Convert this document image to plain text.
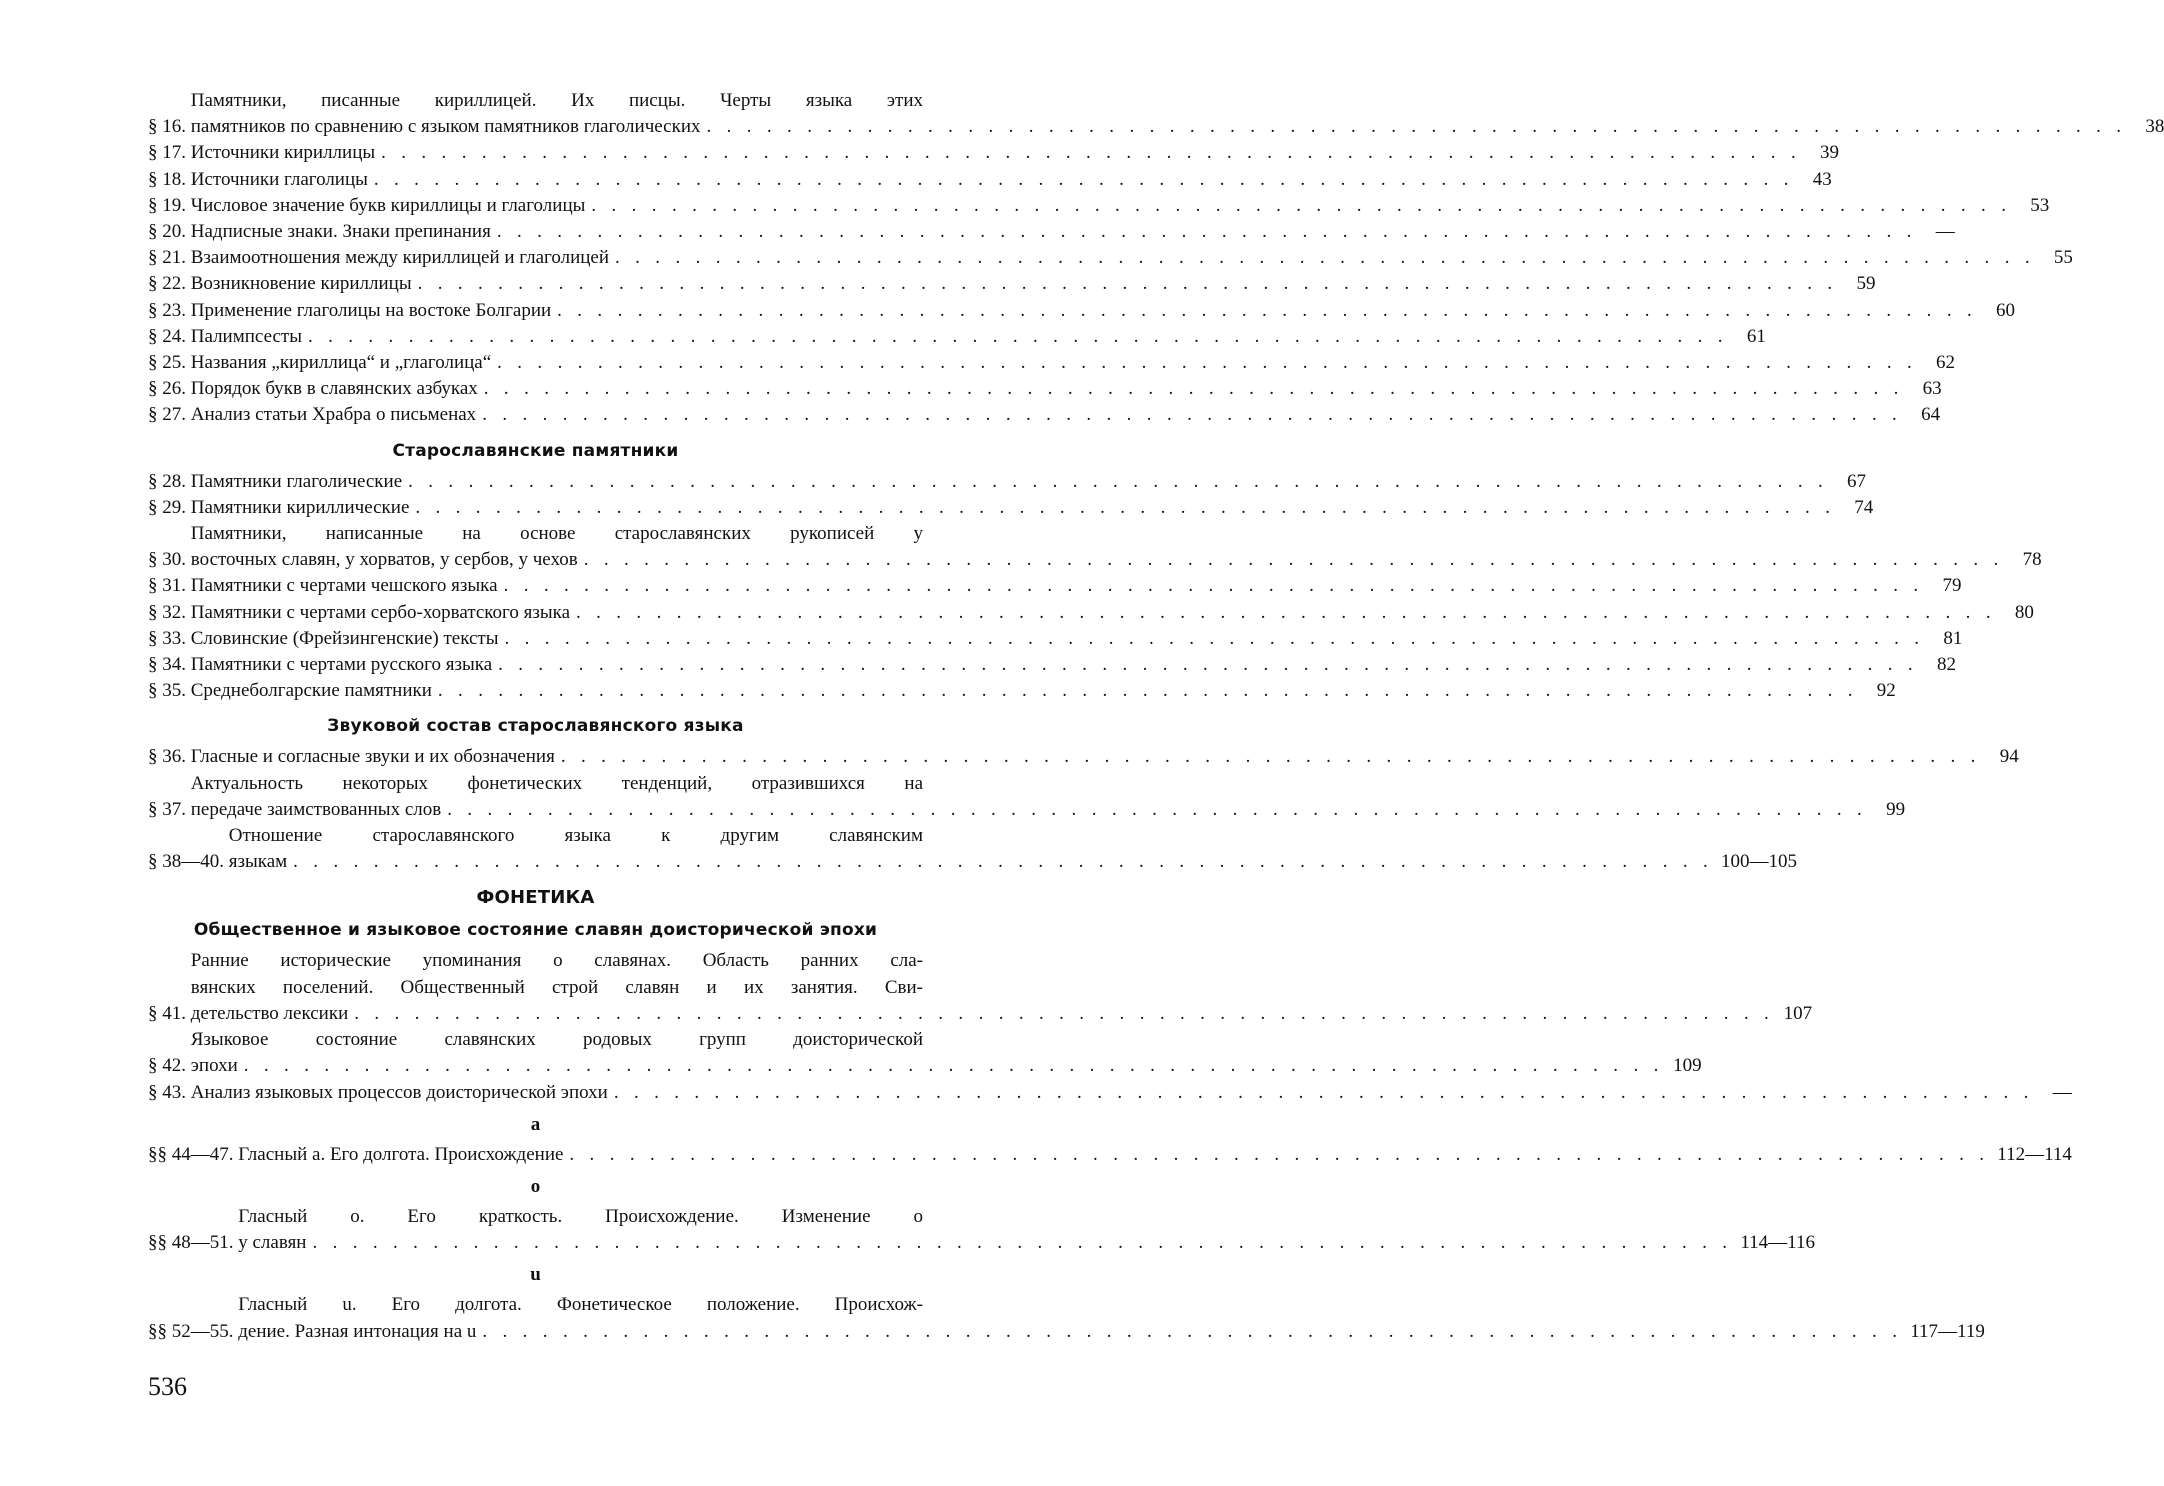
§ 16.
Памятники, писанные кириллицей. Их писцы. Черты языка этих
памятников по сравнению с языком памятников глаголических . . . . . . . . . . . . . . . . . . . . . . . . . . . . . . . . . . . . . . . . . . . . . . . . . . . . . . . . . . . . . . . . . . . . . . .	38
§ 17. Источники кириллицы . . . . . . . . . . . . . . . . . . . . . . . . . . . . . . . . . . . . . . . . . . . . . . . . . . . . . . . . . . . . . . . . . . . . . . .	39
§ 18. Источники глаголицы . . . . . . . . . . . . . . . . . . . . . . . . . . . . . . . . . . . . . . . . . . . . . . . . . . . . . . . . . . . . . . . . . . . . . . .	43
§ 19. Числовое значение букв кириллицы и глаголицы . . . . . . . . . . . . . . . . . . . . . . . . . . . . . . . . . . . . . . . . . . . . . . . . . . . . . . . . . . . . . . . . . . . . . . .	53
§ 20. Надписные знаки. Знаки препинания . . . . . . . . . . . . . . . . . . . . . . . . . . . . . . . . . . . . . . . . . . . . . . . . . . . . . . . . . . . . . . . . . . . . . . .	—
§ 21. Взаимоотношения между кириллицей и глаголицей . . . . . . . . . . . . . . . . . . . . . . . . . . . . . . . . . . . . . . . . . . . . . . . . . . . . . . . . . . . . . . . . . . . . . . .	55
§ 22. Возникновение кириллицы . . . . . . . . . . . . . . . . . . . . . . . . . . . . . . . . . . . . . . . . . . . . . . . . . . . . . . . . . . . . . . . . . . . . . . .	59
§ 23. Применение глаголицы на востоке Болгарии . . . . . . . . . . . . . . . . . . . . . . . . . . . . . . . . . . . . . . . . . . . . . . . . . . . . . . . . . . . . . . . . . . . . . . .	60
§ 24. Палимпсесты . . . . . . . . . . . . . . . . . . . . . . . . . . . . . . . . . . . . . . . . . . . . . . . . . . . . . . . . . . . . . . . . . . . . . . .	61
§ 25. Названия „кириллица“ и „глаголица“ . . . . . . . . . . . . . . . . . . . . . . . . . . . . . . . . . . . . . . . . . . . . . . . . . . . . . . . . . . . . . . . . . . . . . . .	62
§ 26. Порядок букв в славянских азбуках . . . . . . . . . . . . . . . . . . . . . . . . . . . . . . . . . . . . . . . . . . . . . . . . . . . . . . . . . . . . . . . . . . . . . . .	63
§ 27. Анализ статьи Храбра о письменах . . . . . . . . . . . . . . . . . . . . . . . . . . . . . . . . . . . . . . . . . . . . . . . . . . . . . . . . . . . . . . . . . . . . . . .	64
Старославянские памятники
§ 28. Памятники глаголические . . . . . . . . . . . . . . . . . . . . . . . . . . . . . . . . . . . . . . . . . . . . . . . . . . . . . . . . . . . . . . . . . . . . . . .	67
§ 29. Памятники кириллические . . . . . . . . . . . . . . . . . . . . . . . . . . . . . . . . . . . . . . . . . . . . . . . . . . . . . . . . . . . . . . . . . . . . . . .	74
§ 30.
Памятники, написанные на основе старославянских рукописей у
восточных славян, у хорватов, у сербов, у чехов . . . . . . . . . . . . . . . . . . . . . . . . . . . . . . . . . . . . . . . . . . . . . . . . . . . . . . . . . . . . . . . . . . . . . . .	78
§ 31. Памятники с чертами чешского языка . . . . . . . . . . . . . . . . . . . . . . . . . . . . . . . . . . . . . . . . . . . . . . . . . . . . . . . . . . . . . . . . . . . . . . .	79
§ 32. Памятники с чертами сербо-хорватского языка . . . . . . . . . . . . . . . . . . . . . . . . . . . . . . . . . . . . . . . . . . . . . . . . . . . . . . . . . . . . . . . . . . . . . . .	80
§ 33. Словинские (Фрейзингенские) тексты . . . . . . . . . . . . . . . . . . . . . . . . . . . . . . . . . . . . . . . . . . . . . . . . . . . . . . . . . . . . . . . . . . . . . . .	81
§ 34. Памятники с чертами русского языка . . . . . . . . . . . . . . . . . . . . . . . . . . . . . . . . . . . . . . . . . . . . . . . . . . . . . . . . . . . . . . . . . . . . . . .	82
§ 35. Среднеболгарские памятники . . . . . . . . . . . . . . . . . . . . . . . . . . . . . . . . . . . . . . . . . . . . . . . . . . . . . . . . . . . . . . . . . . . . . . .	92
Звуковой состав старославянского языка
§ 36. Гласные и согласные звуки и их обозначения . . . . . . . . . . . . . . . . . . . . . . . . . . . . . . . . . . . . . . . . . . . . . . . . . . . . . . . . . . . . . . . . . . . . . . .	94
§ 37.
Актуальность некоторых фонетических тенденций, отразившихся на
передаче заимствованных слов . . . . . . . . . . . . . . . . . . . . . . . . . . . . . . . . . . . . . . . . . . . . . . . . . . . . . . . . . . . . . . . . . . . . . . .	99
§ 38—40.
Отношение старославянского языка к другим славянским
языкам . . . . . . . . . . . . . . . . . . . . . . . . . . . . . . . . . . . . . . . . . . . . . . . . . . . . . . . . . . . . . . . . . . . . . . . 100—105
ФОНЕТИКА
Общественное и языковое состояние славян доисторической эпохи
§ 41.
Ранние исторические упоминания о славянах. Область ранних сла-
вянских поселений. Общественный строй славян и их занятия. Сви-
детельство лексики . . . . . . . . . . . . . . . . . . . . . . . . . . . . . . . . . . . . . . . . . . . . . . . . . . . . . . . . . . . . . . . . . . . . . . . 107
§ 42.
Языковое состояние славянских родовых групп доисторической
эпохи . . . . . . . . . . . . . . . . . . . . . . . . . . . . . . . . . . . . . . . . . . . . . . . . . . . . . . . . . . . . . . . . . . . . . . . 109
§ 43. Анализ языковых процессов доисторической эпохи . . . . . . . . . . . . . . . . . . . . . . . . . . . . . . . . . . . . . . . . . . . . . . . . . . . . . . . . . . . . . . . . . . . . . . .	—
а
§§ 44—47. Гласный а. Его долгота. Происхождение . . . . . . . . . . . . . . . . . . . . . . . . . . . . . . . . . . . . . . . . . . . . . . . . . . . . . . . . . . . . . . . . . . . . . . . 112—114
о
§§ 48—51.
Гласный о. Его краткость. Происхождение. Изменение о
у славян . . . . . . . . . . . . . . . . . . . . . . . . . . . . . . . . . . . . . . . . . . . . . . . . . . . . . . . . . . . . . . . . . . . . . . . 114—116
u
§§ 52—55.
Гласный u. Его долгота. Фонетическое положение. Происхож-
дение. Разная интонация на u . . . . . . . . . . . . . . . . . . . . . . . . . . . . . . . . . . . . . . . . . . . . . . . . . . . . . . . . . . . . . . . . . . . . . . . 117—119
536
